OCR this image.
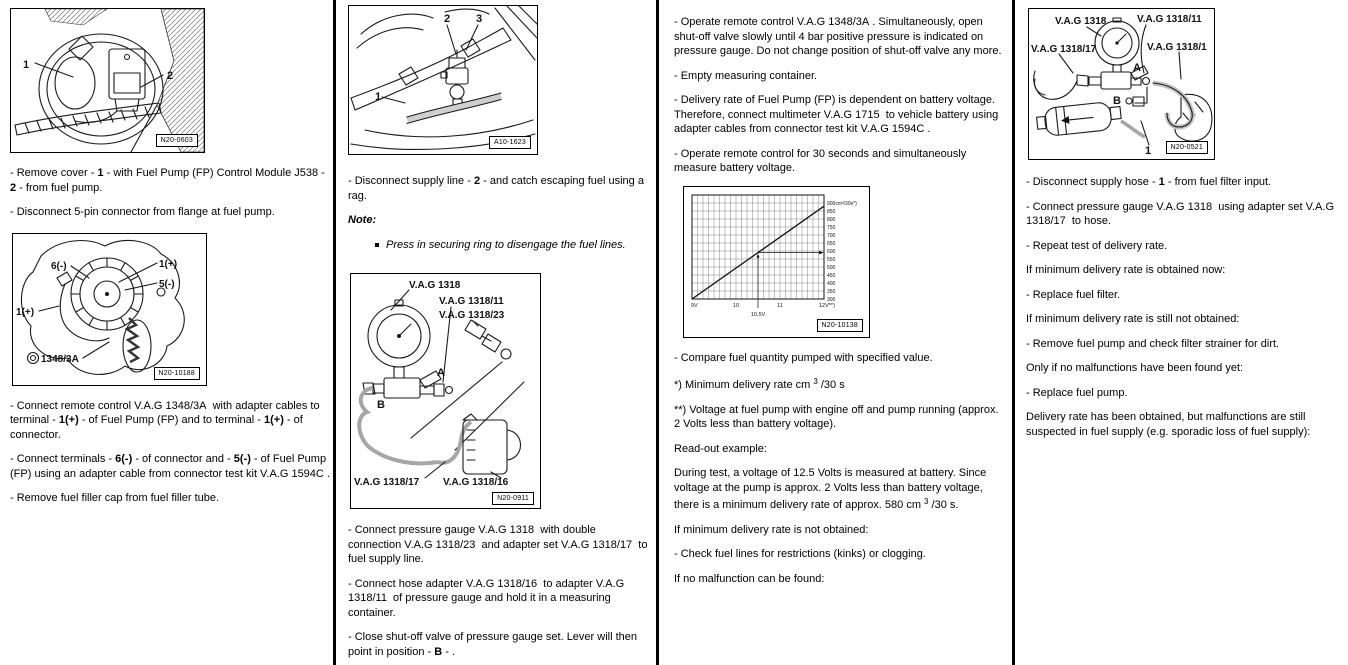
1
2
N20-0603

- Remove cover - 1 - with Fuel Pump (FP) Control Module J538 - 2 - from fuel pump.

- Disconnect 5-pin connector from flange at fuel pump.

6(-)	1(+)
5(-)
1(+)
1348/3A
N20-10188

- Connect remote control V.A.G 1348/3A  with adapter cables to terminal - 1(+) - of Fuel Pump (FP) and to terminal - 1(+) - of connector.

- Connect terminals - 6(-) - of connector and - 5(-) - of Fuel Pump (FP) using an adapter cable from connector test kit V.A.G 1594C .

- Remove fuel filler cap from fuel filler tube.

2 3
1
A10-1623

- Disconnect supply line - 2 - and catch escaping fuel using a rag.

Note:

Press in securing ring to disengage the fuel lines.
V.A.G 1318
V.A.G 1318/11
V.A.G 1318/23
A
B
V.A.G 1318/17 V.A.G 1318/16
N20-0911

- Connect pressure gauge V.A.G 1318  with double connection V.A.G 1318/23  and adapter set V.A.G 1318/17  to fuel supply line.

- Connect hose adapter V.A.G 1318/16  to adapter V.A.G 1318/11  of pressure gauge and hold it in a measuring container.

- Close shut-off valve of pressure gauge set. Lever will then point in position - B - .

- Operate remote control V.A.G 1348/3A . Simultaneously, open shut-off valve slowly until 4 bar positive pressure is indicated on pressure gauge. Do not change position of shut-off valve any more.

- Empty measuring container.

- Delivery rate of Fuel Pump (FP) is dependent on battery voltage. Therefore, connect multimeter V.A.G 1715  to vehicle battery using adapter cables from connector test kit V.A.G 1594C .

- Operate remote control for 30 seconds and simultaneously measure battery voltage.

900cm³/30s*)
850
800
750
700
650
600
550
500
450
400
350
300
9V	10	11	12V**)
10,5V
N20-10138

- Compare fuel quantity pumped with specified value.

*) Minimum delivery rate cm $^3$ /30 s

**) Voltage at fuel pump with engine off and pump running (approx. 2 Volts less than battery voltage).

Read-out example:

During test, a voltage of 12.5 Volts is measured at battery. Since voltage at the pump is approx. 2 Volts less than battery voltage, there is a minimum delivery rate of approx. 580 cm $^3$ /30 s.

If minimum delivery rate is not obtained:

- Check fuel lines for restrictions (kinks) or clogging.

If no malfunction can be found:

V.A.G 1318	V.A.G 1318/11
V.A.G 1318/17	V.A.G 1318/1
A
B
1	N20-0521

- Disconnect supply hose - 1 - from fuel filter input.

- Connect pressure gauge V.A.G 1318  using adapter set V.A.G 1318/17  to hose.

- Repeat test of delivery rate.

If minimum delivery rate is obtained now:

- Replace fuel filter.

If minimum delivery rate is still not obtained:

- Remove fuel pump and check filter strainer for dirt.

Only if no malfunctions have been found yet:

- Replace fuel pump.

Delivery rate has been obtained, but malfunctions are still suspected in fuel supply (e.g. sporadic loss of fuel supply):
